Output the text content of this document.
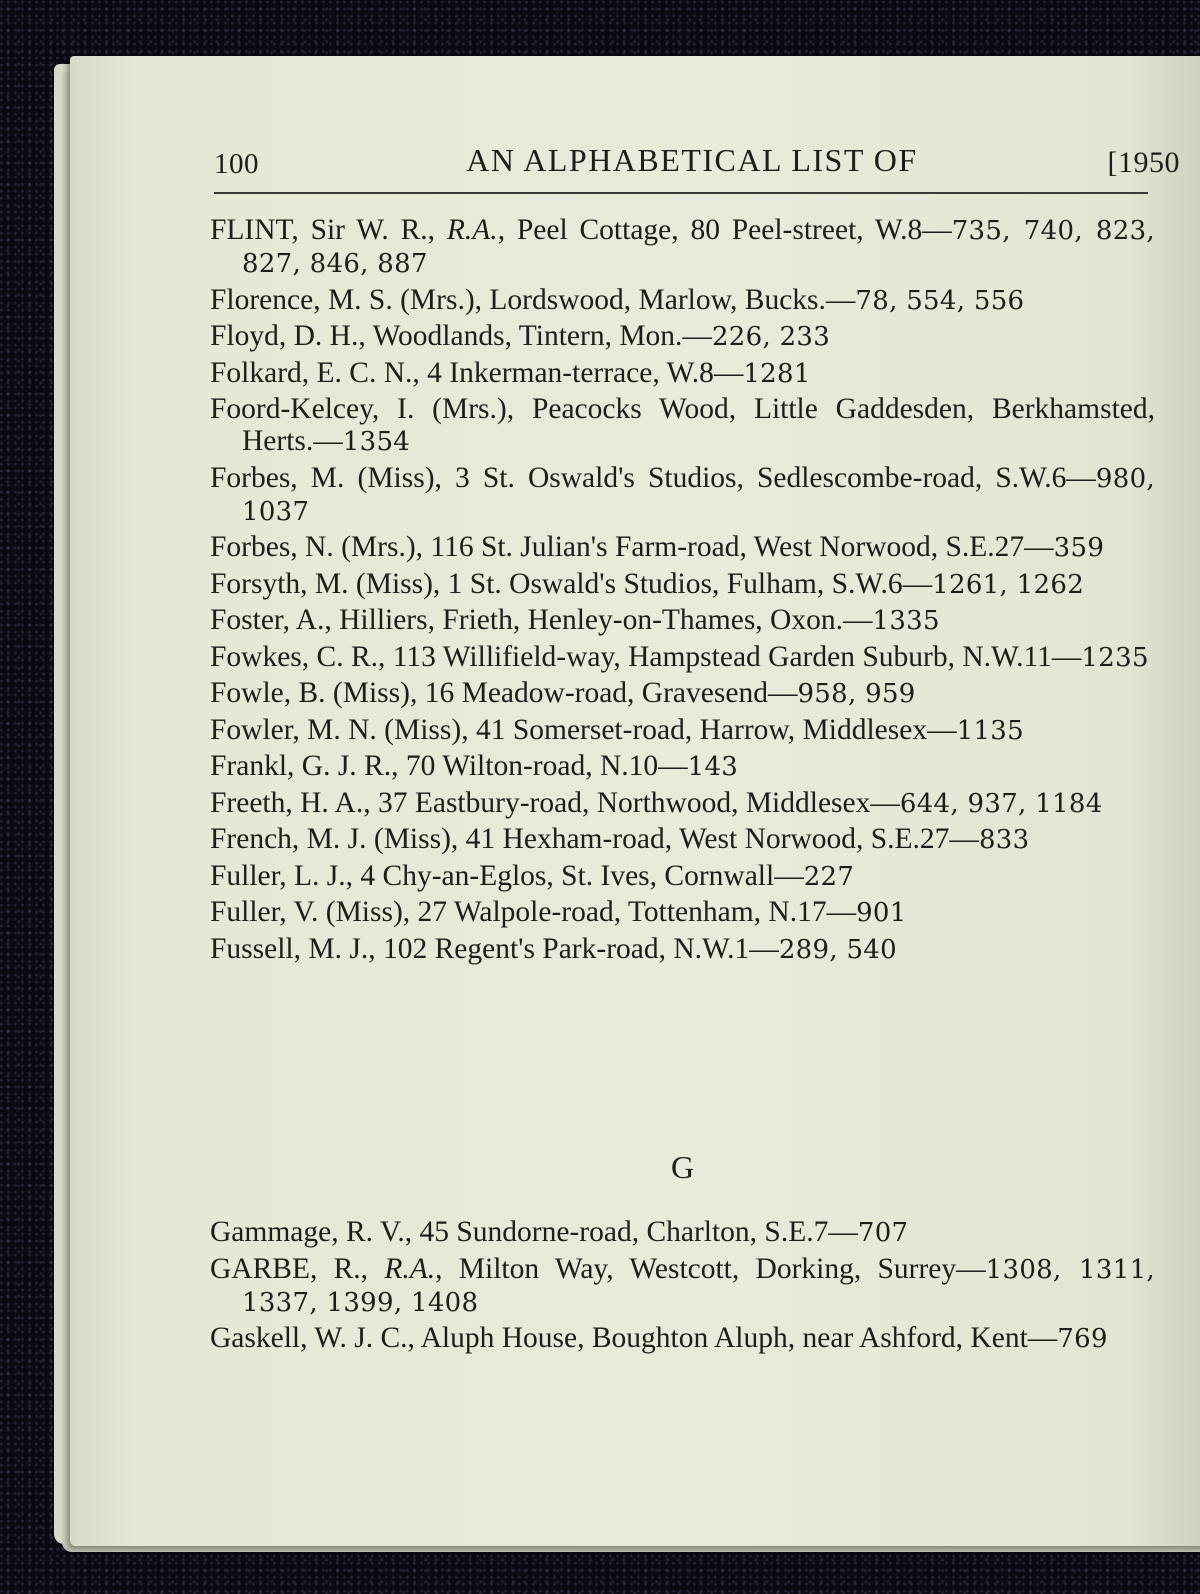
100	AN ALPHABETICAL LIST OF	[1950
FLINT, Sir W. R., R.A., Peel Cottage, 80 Peel-street, W.8—735, 740, 823, 827, 846, 887
Florence, M. S. (Mrs.), Lordswood, Marlow, Bucks.—78, 554, 556
Floyd, D. H., Woodlands, Tintern, Mon.—226, 233
Folkard, E. C. N., 4 Inkerman-terrace, W.8—1281
Foord-Kelcey, I. (Mrs.), Peacocks Wood, Little Gaddesden, Berkhamsted, Herts.—1354
Forbes, M. (Miss), 3 St. Oswald's Studios, Sedlescombe-road, S.W.6—980, 1037
Forbes, N. (Mrs.), 116 St. Julian's Farm-road, West Norwood, S.E.27—359
Forsyth, M. (Miss), 1 St. Oswald's Studios, Fulham, S.W.6—1261, 1262
Foster, A., Hilliers, Frieth, Henley-on-Thames, Oxon.—1335
Fowkes, C. R., 113 Willifield-way, Hampstead Garden Suburb, N.W.11—1235
Fowle, B. (Miss), 16 Meadow-road, Gravesend—958, 959
Fowler, M. N. (Miss), 41 Somerset-road, Harrow, Middlesex—1135
Frankl, G. J. R., 70 Wilton-road, N.10—143
Freeth, H. A., 37 Eastbury-road, Northwood, Middlesex—644, 937, 1184
French, M. J. (Miss), 41 Hexham-road, West Norwood, S.E.27—833
Fuller, L. J., 4 Chy-an-Eglos, St. Ives, Cornwall—227
Fuller, V. (Miss), 27 Walpole-road, Tottenham, N.17—901
Fussell, M. J., 102 Regent's Park-road, N.W.1—289, 540
G
Gammage, R. V., 45 Sundorne-road, Charlton, S.E.7—707
GARBE, R., R.A., Milton Way, Westcott, Dorking, Surrey—1308, 1311, 1337, 1399, 1408
Gaskell, W. J. C., Aluph House, Boughton Aluph, near Ashford, Kent—769
